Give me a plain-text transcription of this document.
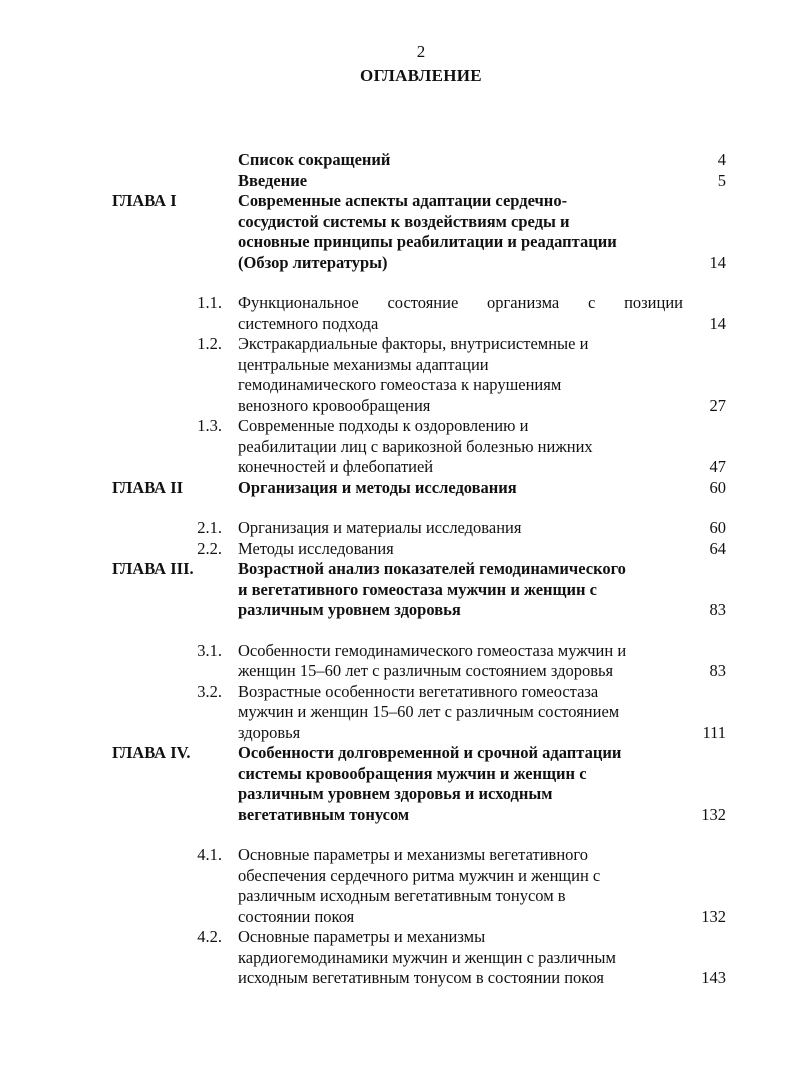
2
ОГЛАВЛЕНИЕ
Список сокращений	4
Введение	5
ГЛАВА I	Современные аспекты адаптации сердечно-
сосудистой системы к воздействиям среды и
основные принципы реабилитации и реадаптации
(Обзор литературы)	14
1.1. Функциональное состояние организма с позиции
системного подхода	14
1.2. Экстракардиальные факторы, внутрисистемные и
центральные механизмы адаптации
гемодинамического гомеостаза к нарушениям
венозного кровообращения	27
1.3. Современные подходы к оздоровлению и
реабилитации лиц с варикозной болезнью нижних
конечностей и флебопатией	47
ГЛАВА II	Организация и методы исследования	60
2.1. Организация и материалы исследования	60
2.2. Методы исследования	64
ГЛАВА III.	Возрастной анализ показателей гемодинамического
и вегетативного гомеостаза мужчин и женщин с
различным уровнем здоровья	83
3.1. Особенности гемодинамического гомеостаза мужчин и
женщин 15–60 лет с различным состоянием здоровья	83
3.2. Возрастные особенности вегетативного гомеостаза
мужчин и женщин 15–60 лет с различным состоянием
здоровья	111
ГЛАВА IV.	Особенности долговременной и срочной адаптации
системы кровообращения мужчин и женщин с
различным уровнем здоровья и исходным
вегетативным тонусом	132
4.1. Основные параметры и механизмы вегетативного
обеспечения сердечного ритма мужчин и женщин с
различным исходным вегетативным тонусом в
состоянии покоя	132
4.2. Основные параметры и механизмы
кардиогемодинамики мужчин и женщин с различным
исходным вегетативным тонусом в состоянии покоя	143
